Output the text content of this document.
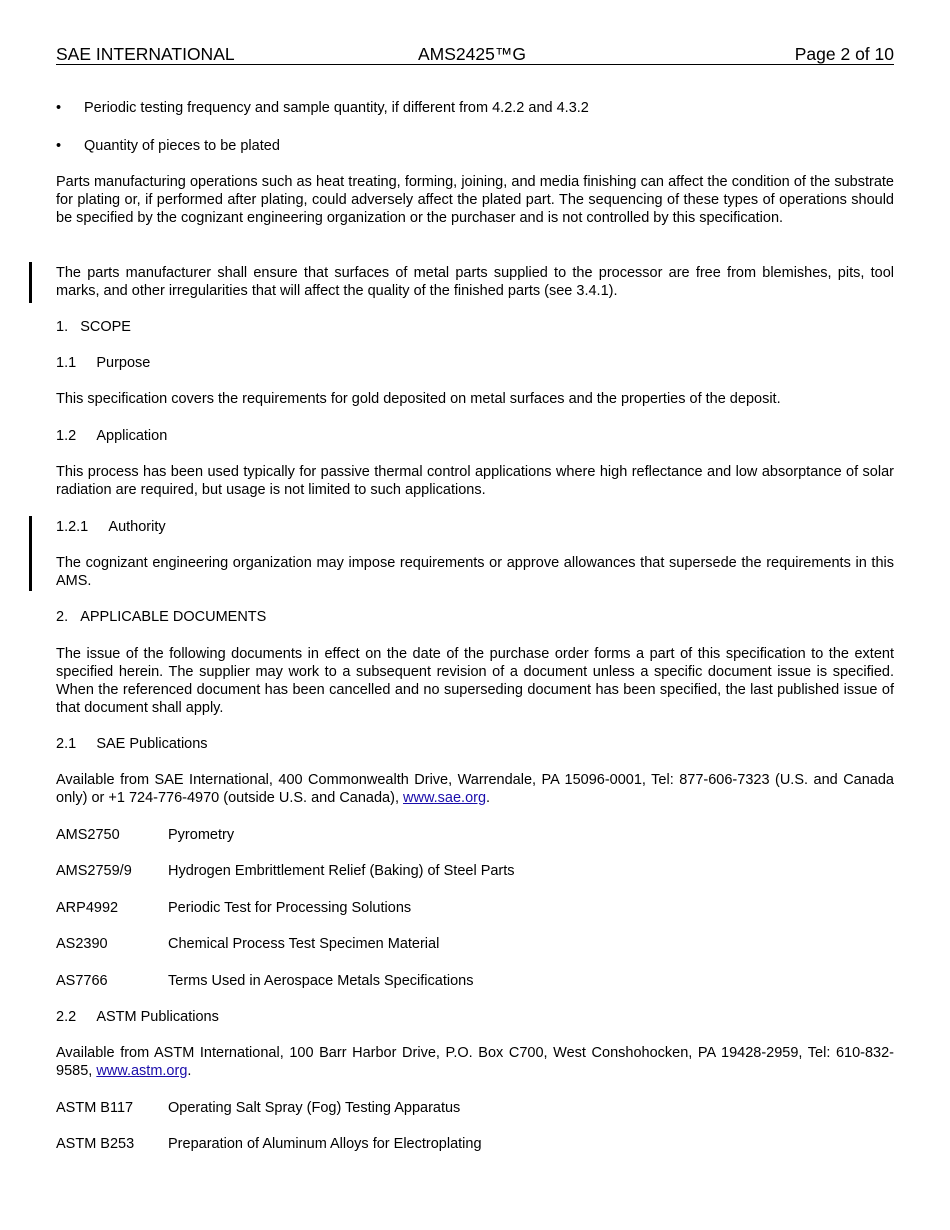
SAE INTERNATIONAL	AMS2425™G	Page 2 of 10
• Periodic testing frequency and sample quantity, if different from 4.2.2 and 4.3.2
• Quantity of pieces to be plated
Parts manufacturing operations such as heat treating, forming, joining, and media finishing can affect the condition of the substrate for plating or, if performed after plating, could adversely affect the plated part. The sequencing of these types of operations should be specified by the cognizant engineering organization or the purchaser and is not controlled by this specification.
The parts manufacturer shall ensure that surfaces of metal parts supplied to the processor are free from blemishes, pits, tool marks, and other irregularities that will affect the quality of the finished parts (see 3.4.1).
1. SCOPE
1.1 Purpose
This specification covers the requirements for gold deposited on metal surfaces and the properties of the deposit.
1.2 Application
This process has been used typically for passive thermal control applications where high reflectance and low absorptance of solar radiation are required, but usage is not limited to such applications.
1.2.1 Authority
The cognizant engineering organization may impose requirements or approve allowances that supersede the requirements in this AMS.
2. APPLICABLE DOCUMENTS
The issue of the following documents in effect on the date of the purchase order forms a part of this specification to the extent specified herein. The supplier may work to a subsequent revision of a document unless a specific document issue is specified. When the referenced document has been cancelled and no superseding document has been specified, the last published issue of that document shall apply.
2.1 SAE Publications
Available from SAE International, 400 Commonwealth Drive, Warrendale, PA 15096-0001, Tel: 877-606-7323 (U.S. and Canada only) or +1 724-776-4970 (outside U.S. and Canada), www.sae.org.
AMS2750	Pyrometry
AMS2759/9 Hydrogen Embrittlement Relief (Baking) of Steel Parts
ARP4992	Periodic Test for Processing Solutions
AS2390	Chemical Process Test Specimen Material
AS7766	Terms Used in Aerospace Metals Specifications
2.2 ASTM Publications
Available from ASTM International, 100 Barr Harbor Drive, P.O. Box C700, West Conshohocken, PA 19428-2959, Tel: 610-832-9585, www.astm.org.
ASTM B117 Operating Salt Spray (Fog) Testing Apparatus
ASTM B253 Preparation of Aluminum Alloys for Electroplating
